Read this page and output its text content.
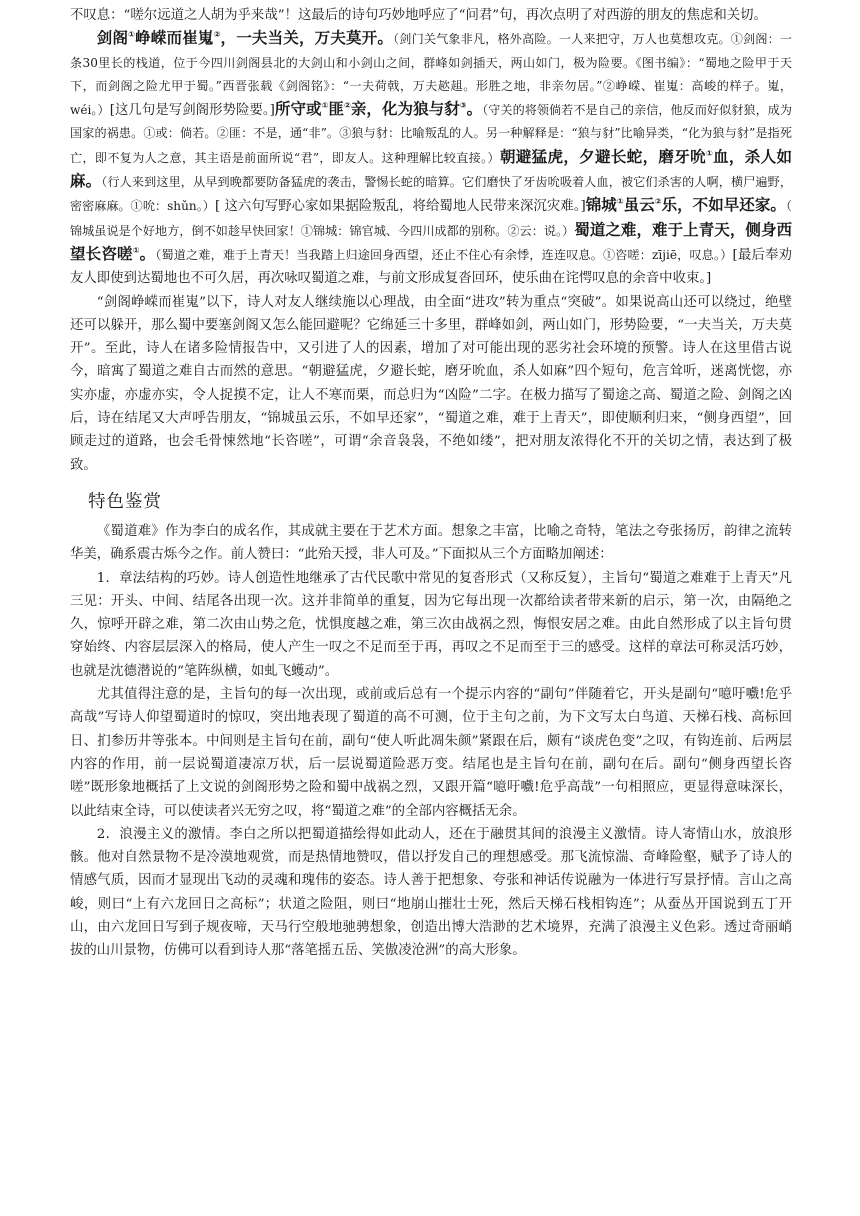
不叹息：“嗟尔远道之人胡为乎来哉”！这最后的诗句巧妙地呼应了“问君”句，再次点明了对西游的朋友的焦虑和关切。

剑阁①峥嵘而崔嵬②，一夫当关，万夫莫开。（剑门关气象非凡，格外高险。一人来把守，万人也莫想攻克。①剑阁：一条30里长的栈道，位于今四川剑阁县北的大剑山和小剑山之间，群峰如剑插天，两山如门，极为险要。《图书编》：“蜀地之险甲于天下，而剑阁之险尤甲于蜀。”西晋张载《剑阁铭》：“一夫荷戟，万夫趑趄。形胜之地，非亲勿居。”②峥嵘、崔嵬：高峻的样子。嵬，wéi。）[这几句是写剑阁形势险要。]所守或①匪②亲，化为狼与豺③。（守关的将领倘若不是自己的亲信，他反而好似豺狼，成为国家的祸患。①或：倘若。②匪：不是，通“非”。③狼与豺：比喻叛乱的人。另一种解释是：“狼与豺”比喻异类，“化为狼与豺”是指死亡，即不复为人之意，其主语是前面所说“君”，即友人。这种理解比较直接。）朝避猛虎，夕避长蛇，磨牙吮①血，杀人如麻。（行人来到这里，从早到晚都要防备猛虎的袭击，警惕长蛇的暗算。它们磨快了牙齿吮吸着人血，被它们杀害的人啊，横尸遍野，密密麻麻。①吮：shǔn。）[ 这六句写野心家如果据险叛乱，将给蜀地人民带来深沉灾难。]锦城①虽云②乐，不如早还家。（ 锦城虽说是个好地方，倒不如趁早快回家！①锦城：锦官城、今四川成都的别称。②云：说。）蜀道之难，难于上青天，侧身西望长咨嗟①。（蜀道之难，难于上青天！当我踏上归途回身西望，还止不住心有余悸，连连叹息。①咨嗟：zījiē，叹息。）[最后奉劝友人即使到达蜀地也不可久居，再次咏叹蜀道之难，与前文形成复沓回环，使乐曲在诧愕叹息的余音中收束。]

“剑阁峥嵘而崔嵬”以下，诗人对友人继续施以心理战，由全面“进攻”转为重点“突破”。如果说高山还可以绕过，绝壁还可以躲开，那么蜀中要塞剑阁又怎么能回避呢？它绵延三十多里，群峰如剑，两山如门，形势险要，“一夫当关，万夫莫开”。至此，诗人在诸多险情报告中，又引进了人的因素，增加了对可能出现的恶劣社会环境的预警。诗人在这里借古说今，暗寓了蜀道之难自古而然的意思。“朝避猛虎，夕避长蛇，磨牙吮血，杀人如麻”四个短句，危言耸听，迷离恍惚，亦实亦虚，亦虚亦实，令人捉摸不定，让人不寒而栗，而总归为“凶险”二字。在极力描写了蜀途之高、蜀道之险、剑阁之凶后，诗在结尾又大声呼告朋友，“锦城虽云乐，不如早还家”，“蜀道之难，难于上青天”，即使顺利归来，“侧身西望”，回顾走过的道路，也会毛骨悚然地“长咨嗟”，可谓“余音袅袅，不绝如缕”，把对朋友浓得化不开的关切之情，表达到了极致。

特色鉴赏

《蜀道难》作为李白的成名作，其成就主要在于艺术方面。想象之丰富，比喻之奇特，笔法之夸张扬厉，韵律之流转华美，确系震古烁今之作。前人赞曰：“此殆天授，非人可及。”下面拟从三个方面略加阐述：

1．章法结构的巧妙。诗人创造性地继承了古代民歌中常见的复沓形式（又称反复），主旨句“蜀道之难难于上青天”凡三见：开头、中间、结尾各出现一次。这并非简单的重复，因为它每出现一次都给读者带来新的启示，第一次，由隔绝之久，惊呼开辟之难，第二次由山势之危，忧惧度越之难，第三次由战祸之烈，悔恨安居之难。由此自然形成了以主旨句贯穿始终、内容层层深入的格局，使人产生一叹之不足而至于再，再叹之不足而至于三的感受。这样的章法可称灵活巧妙，也就是沈德潜说的“笔阵纵横，如虬飞蠖动”。

尤其值得注意的是，主旨句的每一次出现，或前或后总有一个提示内容的“副句”伴随着它，开头是副句“噫吁嚱!危乎高哉”写诗人仰望蜀道时的惊叹，突出地表现了蜀道的高不可测，位于主句之前，为下文写太白鸟道、天梯石栈、高标回日、扪参历井等张本。中间则是主旨句在前，副句“使人听此凋朱颜”紧跟在后，颇有“谈虎色变”之叹，有钩连前、后两层内容的作用，前一层说蜀道凄凉万状，后一层说蜀道险恶万变。结尾也是主旨句在前，副句在后。副句“侧身西望长咨嗟”既形象地概括了上文说的剑阁形势之险和蜀中战祸之烈，又跟开篇“噫吁嚱!危乎高哉”一句相照应，更显得意味深长，以此结束全诗，可以使读者兴无穷之叹，将“蜀道之难”的全部内容概括无余。

2．浪漫主义的激情。李白之所以把蜀道描绘得如此动人，还在于融贯其间的浪漫主义激情。诗人寄情山水，放浪形骸。他对自然景物不是冷漠地观赏，而是热情地赞叹，借以抒发自己的理想感受。那飞流惊湍、奇峰险壑，赋予了诗人的情感气质，因而才显现出飞动的灵魂和瑰伟的姿态。诗人善于把想象、夸张和神话传说融为一体进行写景抒情。言山之高峻，则曰“上有六龙回日之高标”；状道之险阻，则曰“地崩山摧壮士死，然后天梯石栈相钩连”；从蚕丛开国说到五丁开山，由六龙回日写到子规夜啼，天马行空般地驰骋想象，创造出博大浩渺的艺术境界，充满了浪漫主义色彩。透过奇丽峭拔的山川景物，仿佛可以看到诗人那“落笔摇五岳、笑傲凌沧洲”的高大形象。
